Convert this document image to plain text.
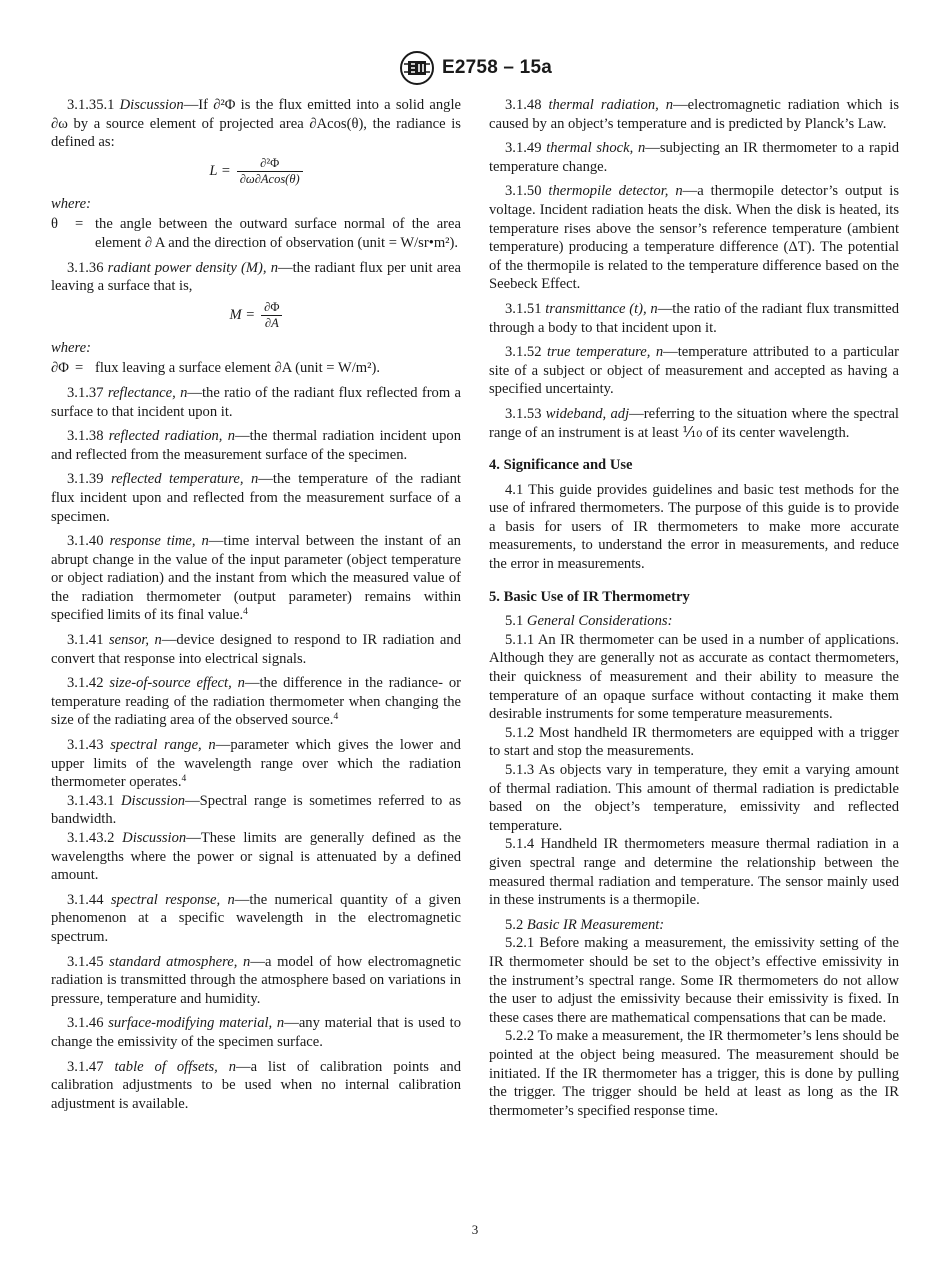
E2758 – 15a

3.1.35.1 Discussion—If ∂²Φ is the flux emitted into a solid angle ∂ω by a source element of projected area ∂Acos(θ), the radiance is defined as:

$L = \frac{\text{∂²Φ}}{\partial\omega\partial Acos(\theta)}$
where:
θ	= the angle between the outward surface normal of the area element ∂ A and the direction of observation (unit = W/sr•m²).

3.1.36 radiant power density (M), n—the radiant flux per unit area leaving a surface that is,

$M = \frac{\partial\Phi}{\partial A}$
where:
∂Φ = flux leaving a surface element ∂A (unit = W/m²).

3.1.37 reflectance, n—the ratio of the radiant flux reflected from a surface to that incident upon it.

3.1.38 reflected radiation, n—the thermal radiation incident upon and reflected from the measurement surface of the specimen.

3.1.39 reflected temperature, n—the temperature of the radiant flux incident upon and reflected from the measurement surface of a specimen.

3.1.40 response time, n—time interval between the instant of an abrupt change in the value of the input parameter (object temperature or object radiation) and the instant from which the measured value of the radiation thermometer (output parameter) remains within specified limits of its final value.$^4$

3.1.41 sensor, n—device designed to respond to IR radiation and convert that response into electrical signals.

3.1.42 size-of-source effect, n—the difference in the radiance- or temperature reading of the radiation thermometer when changing the size of the radiating area of the observed source.$^4$

3.1.43 spectral range, n—parameter which gives the lower and upper limits of the wavelength range over which the radiation thermometer operates.$^4$

3.1.43.1 Discussion—Spectral range is sometimes referred to as bandwidth.

3.1.43.2 Discussion—These limits are generally defined as the wavelengths where the power or signal is attenuated by a defined amount.

3.1.44 spectral response, n—the numerical quantity of a given phenomenon at a specific wavelength in the electromagnetic spectrum.

3.1.45 standard atmosphere, n—a model of how electromagnetic radiation is transmitted through the atmosphere based on variations in pressure, temperature and humidity.

3.1.46 surface-modifying material, n—any material that is used to change the emissivity of the specimen surface.

3.1.47 table of offsets, n—a list of calibration points and calibration adjustments to be used when no internal calibration adjustment is available.

3.1.48 thermal radiation, n—electromagnetic radiation which is caused by an object’s temperature and is predicted by Planck’s Law.

3.1.49 thermal shock, n—subjecting an IR thermometer to a rapid temperature change.

3.1.50 thermopile detector, n—a thermopile detector’s output is voltage. Incident radiation heats the disk. When the disk is heated, its temperature rises above the sensor’s reference temperature (ambient temperature) producing a temperature difference (ΔT). The potential of the thermopile is related to the temperature difference based on the Seebeck Effect.

3.1.51 transmittance (t), n—the ratio of the radiant flux transmitted through a body to that incident upon it.

3.1.52 true temperature, n—temperature attributed to a particular site of a subject or object of measurement and accepted as having a specified uncertainty.

3.1.53 wideband, adj—referring to the situation where the spectral range of an instrument is at least ⅒ of its center wavelength.

4. Significance and Use

4.1 This guide provides guidelines and basic test methods for the use of infrared thermometers. The purpose of this guide is to provide a basis for users of IR thermometers to make more accurate measurements, to understand the error in measurements, and reduce the error in measurements.

5. Basic Use of IR Thermometry

5.1 General Considerations:

5.1.1 An IR thermometer can be used in a number of applications. Although they are generally not as accurate as contact thermometers, their quickness of measurement and their ability to measure the temperature of an opaque surface without contacting it make them desirable instruments for some temperature measurements.

5.1.2 Most handheld IR thermometers are equipped with a trigger to start and stop the measurements.

5.1.3 As objects vary in temperature, they emit a varying amount of thermal radiation. This amount of thermal radiation is predictable based on the object’s temperature, emissivity and reflected temperature.

5.1.4 Handheld IR thermometers measure thermal radiation in a given spectral range and determine the relationship between the measured thermal radiation and temperature. The sensor mainly used in these instruments is a thermopile.

5.2 Basic IR Measurement:

5.2.1 Before making a measurement, the emissivity setting of the IR thermometer should be set to the object’s effective emissivity in the instrument’s spectral range. Some IR thermometers do not allow the user to adjust the emissivity because their emissivity is fixed. In these cases there are mathematical compensations that can be made.

5.2.2 To make a measurement, the IR thermometer’s lens should be pointed at the object being measured. The measurement should be initiated. If the IR thermometer has a trigger, this is done by pulling the trigger. The trigger should be held at least as long as the IR thermometer’s specified response time.

3
